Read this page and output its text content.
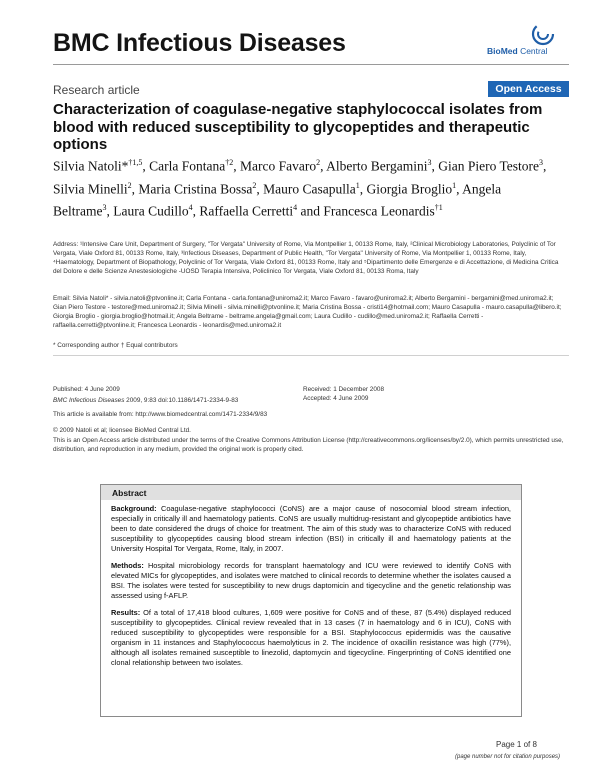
BMC Infectious Diseases	BioMed Central
Research article	Open Access
Characterization of coagulase-negative staphylococcal isolates from blood with reduced susceptibility to glycopeptides and therapeutic options
Silvia Natoli*$^{\dagger 1,5}$, Carla Fontana$^{\dagger 2}$, Marco Favaro$^2$, Alberto Bergamini$^3$, Gian Piero Testore$^3$, Silvia Minelli$^2$, Maria Cristina Bossa$^2$, Mauro Casapulla$^1$, Giorgia Broglio$^1$, Angela Beltrame$^3$, Laura Cudillo$^4$, Raffaella Cerretti$^4$ and Francesca Leonardis$^{\dagger 1}$
Address: ¹Intensive Care Unit, Department of Surgery, "Tor Vergata" University of Rome, Via Montpellier 1, 00133 Rome, Italy, ²Clinical Microbiology Laboratories, Polyclinic of Tor Vergata, Viale Oxford 81, 00133 Rome, Italy, ³Infectious Diseases, Department of Public Health, "Tor Vergata" University of Rome, Via Montpellier 1, 00133 Rome, Italy, ⁴Haematology, Department of Biopathology, Polyclinic of Tor Vergata, Viale Oxford 81, 00133 Rome, Italy and ⁵Dipartimento delle Emergenze e di Accettazione, di Medicina Critica del Dolore e delle Scienze Anestesiologiche -UOSD Terapia Intensiva, Policlinico Tor Vergata, Viale Oxford 81, 00133 Roma, Italy
Email: Silvia Natoli* - silvia.natoli@ptvonline.it; Carla Fontana - carla.fontana@uniroma2.it; Marco Favaro - favaro@uniroma2.it; Alberto Bergamini - bergamini@med.uniroma2.it; Gian Piero Testore - testore@med.uniroma2.it; Silvia Minelli - silvia.minelli@ptvonline.it; Maria Cristina Bossa - cristi14@hotmail.com; Mauro Casapulla - mauro.casapulla@libero.it; Giorgia Broglio - giorgia.broglio@hotmail.it; Angela Beltrame - beltrame.angela@gmail.com; Laura Cudillo - cudillo@med.uniroma2.it; Raffaella Cerretti - raffaella.cerretti@ptvonline.it; Francesca Leonardis - leonardis@med.uniroma2.it
* Corresponding author † Equal contributors
Published: 4 June 2009
BMC Infectious Diseases 2009, 9:83 doi:10.1186/1471-2334-9-83
This article is available from: http://www.biomedcentral.com/1471-2334/9/83
Received: 1 December 2008
Accepted: 4 June 2009
© 2009 Natoli et al; licensee BioMed Central Ltd.
This is an Open Access article distributed under the terms of the Creative Commons Attribution License (http://creativecommons.org/licenses/by/2.0), which permits unrestricted use, distribution, and reproduction in any medium, provided the original work is properly cited.
Abstract

Background: Coagulase-negative staphylococci (CoNS) are a major cause of nosocomial blood stream infection, especially in critically ill and haematology patients. CoNS are usually multidrug-resistant and glycopeptide antibiotics have been to date considered the drugs of choice for treatment. The aim of this study was to characterize CoNS with reduced susceptibility to glycopeptides causing blood stream infection (BSI) in critically ill and haematology patients at the University Hospital Tor Vergata, Rome, Italy, in 2007.

Methods: Hospital microbiology records for transplant haematology and ICU were reviewed to identify CoNS with elevated MICs for glycopeptides, and isolates were matched to clinical records to determine whether the isolates caused a BSI. The isolates were tested for susceptibility to new drugs daptomicin and tigecycline and the genetic relationship was assessed using f-AFLP.

Results: Of a total of 17,418 blood cultures, 1,609 were positive for CoNS and of these, 87 (5.4%) displayed reduced susceptibility to glycopeptides. Clinical review revealed that in 13 cases (7 in haematology and 6 in ICU), CoNS with reduced susceptibility to glycopeptides were responsible for a BSI. Staphylococcus epidermidis was the causative organism in 11 instances and Staphylococcus haemolyticus in 2. The incidence of oxacillin resistance was high (77%), although all isolates remained susceptible to linezolid, daptomycin and tigecycline. Fingerprinting of CoNS identified one clonal relationship between two isolates.

Page 1 of 8
(page number not for citation purposes)
